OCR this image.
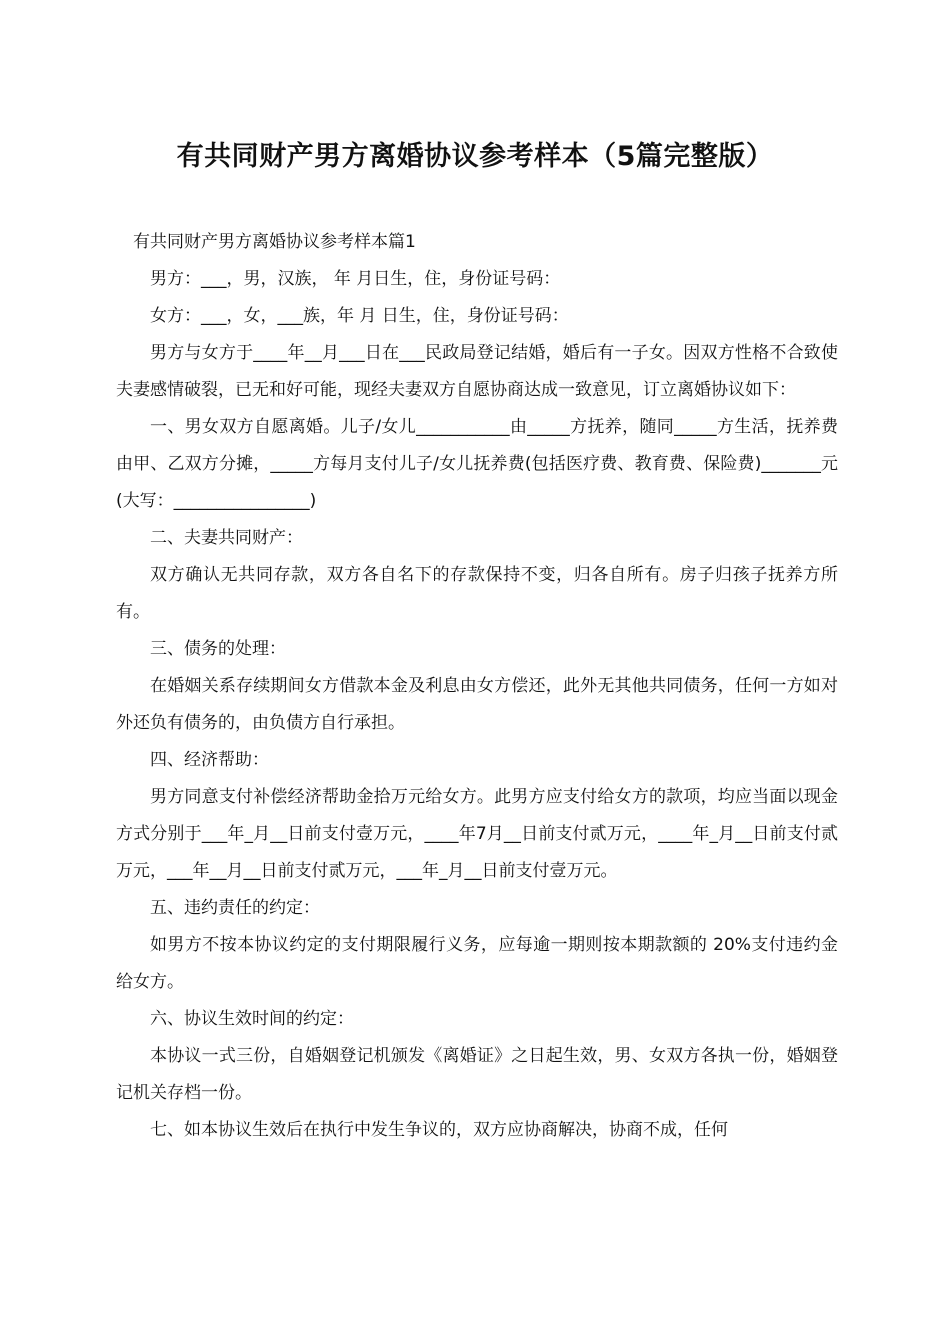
有共同财产男方离婚协议参考样本（5篇完整版）

有共同财产男方离婚协议参考样本篇1

男方：___，男，汉族， 年 月日生，住，身份证号码：

女方：___，女，___族，年 月 日生，住，身份证号码：

男方与女方于____年__月___日在___民政局登记结婚，婚后有一子女。因双方性格不合致使夫妻感情破裂，已无和好可能，现经夫妻双方自愿协商达成一致意见，订立离婚协议如下：

一、男女双方自愿离婚。儿子/女儿___________由_____方抚养，随同_____方生活，抚养费由甲、乙双方分摊，_____方每月支付儿子/女儿抚养费(包括医疗费、教育费、保险费)_______元(大写：________________)

二、夫妻共同财产：

双方确认无共同存款，双方各自名下的存款保持不变，归各自所有。房子归孩子抚养方所有。

三、债务的处理：

在婚姻关系存续期间女方借款本金及利息由女方偿还，此外无其他共同债务，任何一方如对外还负有债务的，由负债方自行承担。

四、经济帮助：

男方同意支付补偿经济帮助金拾万元给女方。此男方应支付给女方的款项，均应当面以现金方式分别于___年_月__日前支付壹万元，____年7月__日前支付贰万元，____年_月__日前支付贰万元，___年__月__日前支付贰万元，___年_月__日前支付壹万元。

五、违约责任的约定：

如男方不按本协议约定的支付期限履行义务，应每逾一期则按本期款额的 20%支付违约金给女方。

六、协议生效时间的约定：

本协议一式三份，自婚姻登记机颁发《离婚证》之日起生效，男、女双方各执一份，婚姻登记机关存档一份。

七、如本协议生效后在执行中发生争议的，双方应协商解决，协商不成，任何
